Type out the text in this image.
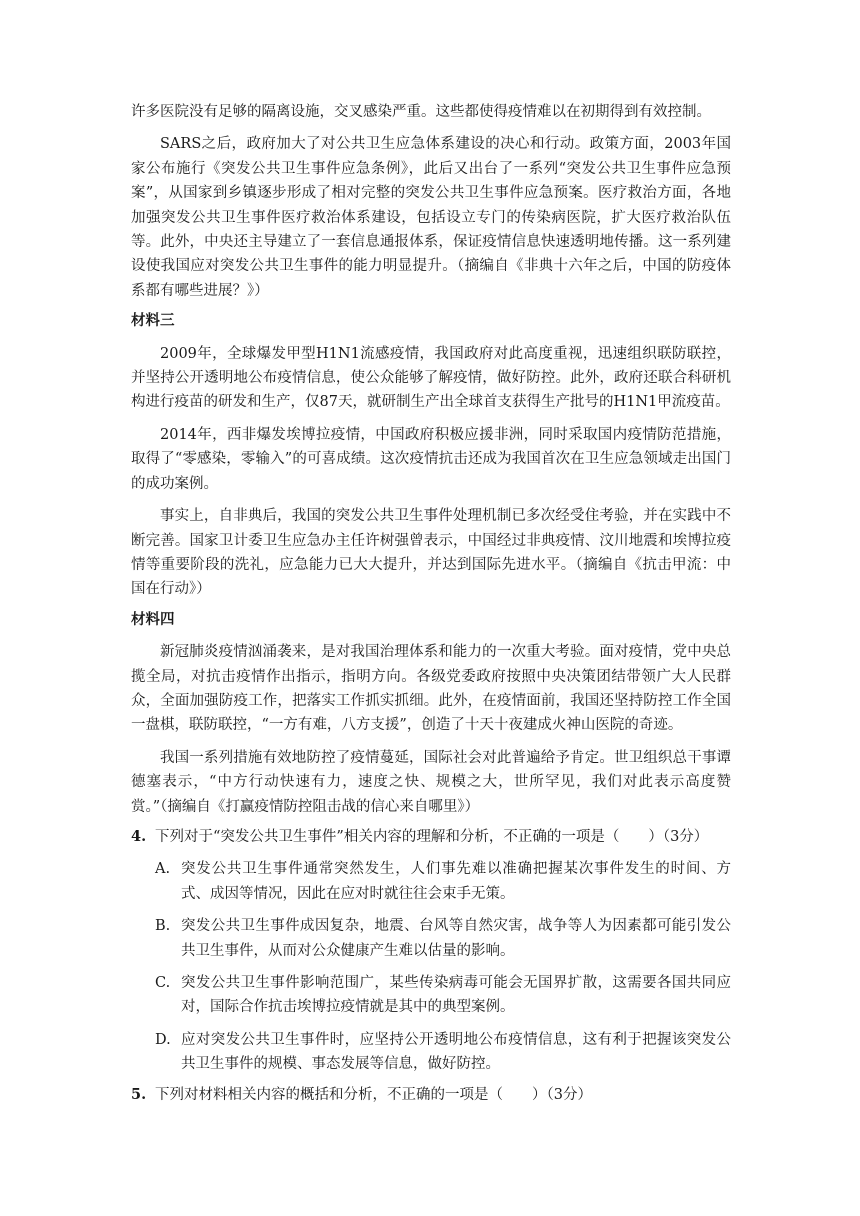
许多医院没有足够的隔离设施，交叉感染严重。这些都使得疫情难以在初期得到有效控制。

SARS之后，政府加大了对公共卫生应急体系建设的决心和行动。政策方面，2003年国家公布施行《突发公共卫生事件应急条例》，此后又出台了一系列“突发公共卫生事件应急预案”，从国家到乡镇逐步形成了相对完整的突发公共卫生事件应急预案。医疗救治方面，各地加强突发公共卫生事件医疗救治体系建设，包括设立专门的传染病医院，扩大医疗救治队伍等。此外，中央还主导建立了一套信息通报体系，保证疫情信息快速透明地传播。这一系列建设使我国应对突发公共卫生事件的能力明显提升。（摘编自《非典十六年之后，中国的防疫体系都有哪些进展？》）

材料三

2009年，全球爆发甲型H1N1流感疫情，我国政府对此高度重视，迅速组织联防联控，并坚持公开透明地公布疫情信息，使公众能够了解疫情，做好防控。此外，政府还联合科研机构进行疫苗的研发和生产，仅87天，就研制生产出全球首支获得生产批号的H1N1甲流疫苗。

2014年，西非爆发埃博拉疫情，中国政府积极应援非洲，同时采取国内疫情防范措施，取得了“零感染，零输入”的可喜成绩。这次疫情抗击还成为我国首次在卫生应急领域走出国门的成功案例。

事实上，自非典后，我国的突发公共卫生事件处理机制已多次经受住考验，并在实践中不断完善。国家卫计委卫生应急办主任许树强曾表示，中国经过非典疫情、汶川地震和埃博拉疫情等重要阶段的洗礼，应急能力已大大提升，并达到国际先进水平。（摘编自《抗击甲流：中国在行动》）

材料四

新冠肺炎疫情汹涌袭来，是对我国治理体系和能力的一次重大考验。面对疫情，党中央总揽全局，对抗击疫情作出指示，指明方向。各级党委政府按照中央决策团结带领广大人民群众，全面加强防疫工作，把落实工作抓实抓细。此外，在疫情面前，我国还坚持防控工作全国一盘棋，联防联控，“一方有难，八方支援”，创造了十天十夜建成火神山医院的奇迹。

我国一系列措施有效地防控了疫情蔓延，国际社会对此普遍给予肯定。世卫组织总干事谭德塞表示，“中方行动快速有力，速度之快、规模之大，世所罕见，我们对此表示高度赞赏。”（摘编自《打赢疫情防控阻击战的信心来自哪里》）

4. 下列对于“突发公共卫生事件”相关内容的理解和分析，不正确的一项是（　　）（3分）
A. 突发公共卫生事件通常突然发生，人们事先难以准确把握某次事件发生的时间、方式、成因等情况，因此在应对时就往往会束手无策。
B. 突发公共卫生事件成因复杂，地震、台风等自然灾害，战争等人为因素都可能引发公共卫生事件，从而对公众健康产生难以估量的影响。
C. 突发公共卫生事件影响范围广，某些传染病毒可能会无国界扩散，这需要各国共同应对，国际合作抗击埃博拉疫情就是其中的典型案例。
D. 应对突发公共卫生事件时，应坚持公开透明地公布疫情信息，这有利于把握该突发公共卫生事件的规模、事态发展等信息，做好防控。
5. 下列对材料相关内容的概括和分析，不正确的一项是（　　）（3分）
